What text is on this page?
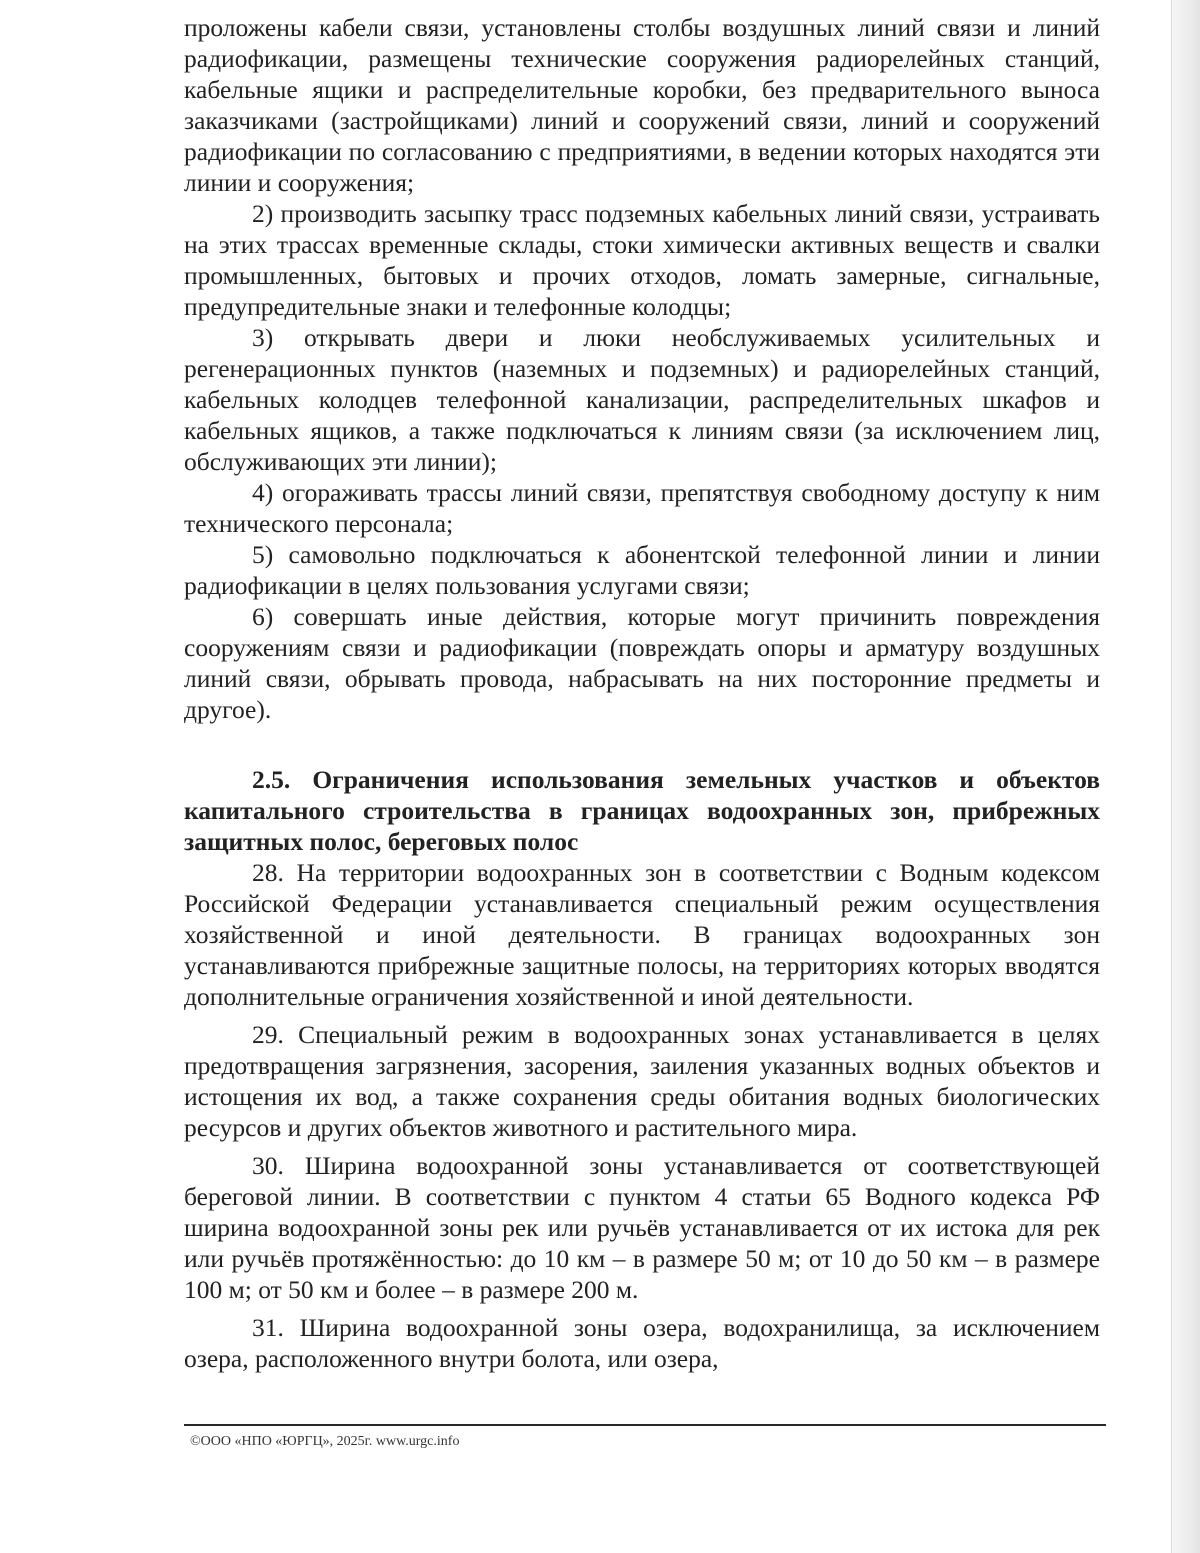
проложены кабели связи, установлены столбы воздушных линий связи и линий радиофикации, размещены технические сооружения радиорелейных станций, кабельные ящики и распределительные коробки, без предварительного выноса заказчиками (застройщиками) линий и сооружений связи, линий и сооружений радиофикации по согласованию с предприятиями, в ведении которых находятся эти линии и сооружения;

2) производить засыпку трасс подземных кабельных линий связи, устраивать на этих трассах временные склады, стоки химически активных веществ и свалки промышленных, бытовых и прочих отходов, ломать замерные, сигнальные, предупредительные знаки и телефонные колодцы;

3) открывать двери и люки необслуживаемых усилительных и регенерационных пунктов (наземных и подземных) и радиорелейных станций, кабельных колодцев телефонной канализации, распределительных шкафов и кабельных ящиков, а также подключаться к линиям связи (за исключением лиц, обслуживающих эти линии);

4) огораживать трассы линий связи, препятствуя свободному доступу к ним технического персонала;

5) самовольно подключаться к абонентской телефонной линии и линии радиофикации в целях пользования услугами связи;

6) совершать иные действия, которые могут причинить повреждения сооружениям связи и радиофикации (повреждать опоры и арматуру воздушных линий связи, обрывать провода, набрасывать на них посторонние предметы и другое).

2.5. Ограничения использования земельных участков и объектов капитального строительства в границах водоохранных зон, прибрежных защитных полос, береговых полос

28. На территории водоохранных зон в соответствии с Водным кодексом Российской Федерации устанавливается специальный режим осуществления хозяйственной и иной деятельности. В границах водоохранных зон устанавливаются прибрежные защитные полосы, на территориях которых вводятся дополнительные ограничения хозяйственной и иной деятельности.

29. Специальный режим в водоохранных зонах устанавливается в целях предотвращения загрязнения, засорения, заиления указанных водных объектов и истощения их вод, а также сохранения среды обитания водных биологических ресурсов и других объектов животного и растительного мира.

30. Ширина водоохранной зоны устанавливается от соответствующей береговой линии. В соответствии с пунктом 4 статьи 65 Водного кодекса РФ ширина водоохранной зоны рек или ручьёв устанавливается от их истока для рек или ручьёв протяжённостью: до 10 км – в размере 50 м; от 10 до 50 км – в размере 100 м; от 50 км и более – в размере 200 м.

31. Ширина водоохранной зоны озера, водохранилища, за исключением озера, расположенного внутри болота, или озера,

©ООО «НПО «ЮРГЦ», 2025г. www.urgc.info
